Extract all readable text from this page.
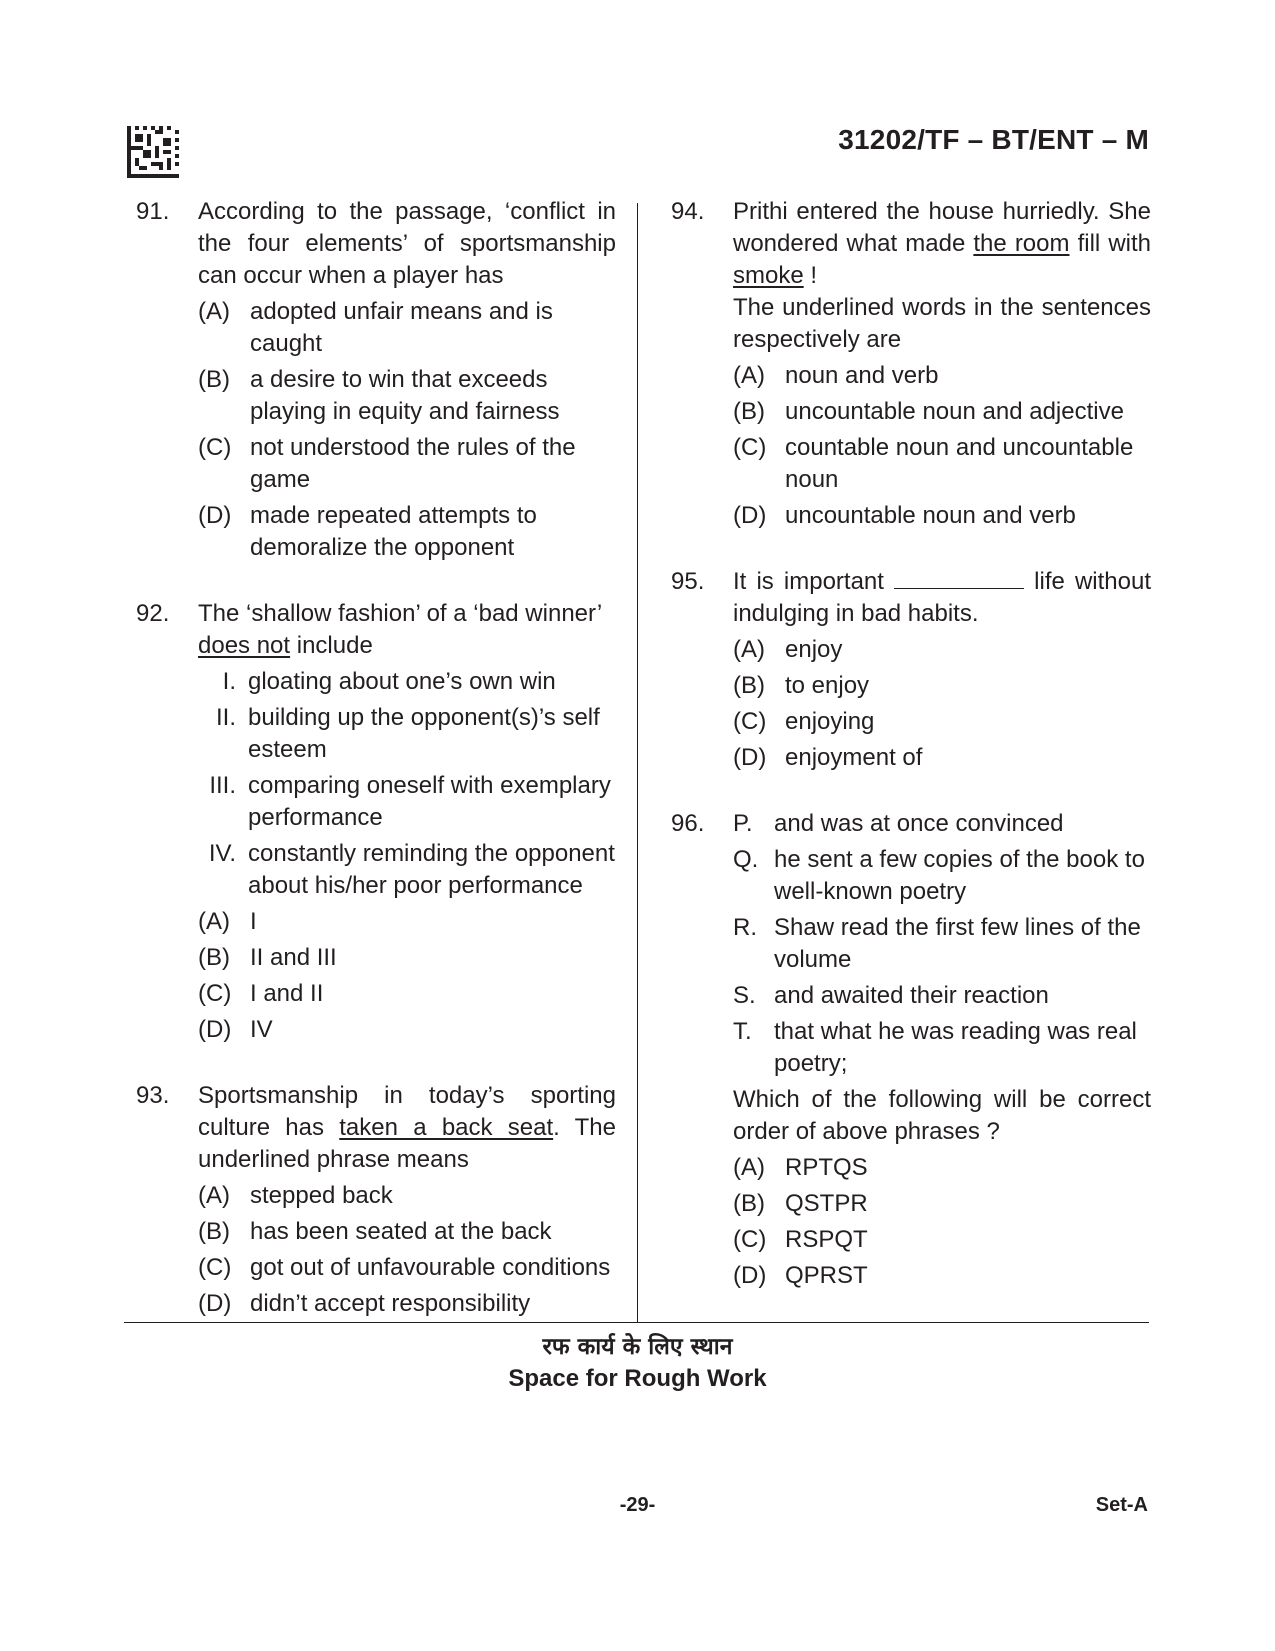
31202/TF – BT/ENT – M
91.	According to the passage, ‘conflict in the four elements’ of sportsmanship can occur when a player has
(A) adopted unfair means and is caught
(B) a desire to win that exceeds playing in equity and fairness
(C) not understood the rules of the game
(D) made repeated attempts to demoralize the opponent
92.	The ‘shallow fashion’ of a ‘bad winner’
does not include
I. gloating about one’s own win
II. building up the opponent(s)’s self esteem
III. comparing oneself with exemplary performance
IV. constantly reminding the opponent about his/her poor performance
(A) I
(B) II and III
(C) I and II
(D) IV
93.	Sportsmanship in today’s sporting culture has taken a back seat. The underlined phrase means
(A) stepped back
(B) has been seated at the back
(C) got out of unfavourable conditions
(D) didn’t accept responsibility
94.	Prithi entered the house hurriedly. She wondered what made the room fill with smoke !
The underlined words in the sentences respectively are
(A) noun and verb
(B) uncountable noun and adjective
(C) countable noun and uncountable noun
(D) uncountable noun and verb
95.	It is important	life without indulging in bad habits.
(A) enjoy
(B) to enjoy
(C) enjoying
(D) enjoyment of
96.	P. and was at once convinced
Q. he sent a few copies of the book to well-known poetry
R. Shaw read the first few lines of the volume
S. and awaited their reaction
T. that what he was reading was real poetry;
Which of the following will be correct order of above phrases ?
(A) RPTQS
(B) QSTPR
(C) RSPQT
(D) QPRST
रफ कार्य के लिए स्थान
Space for Rough Work
-29-	Set-A
